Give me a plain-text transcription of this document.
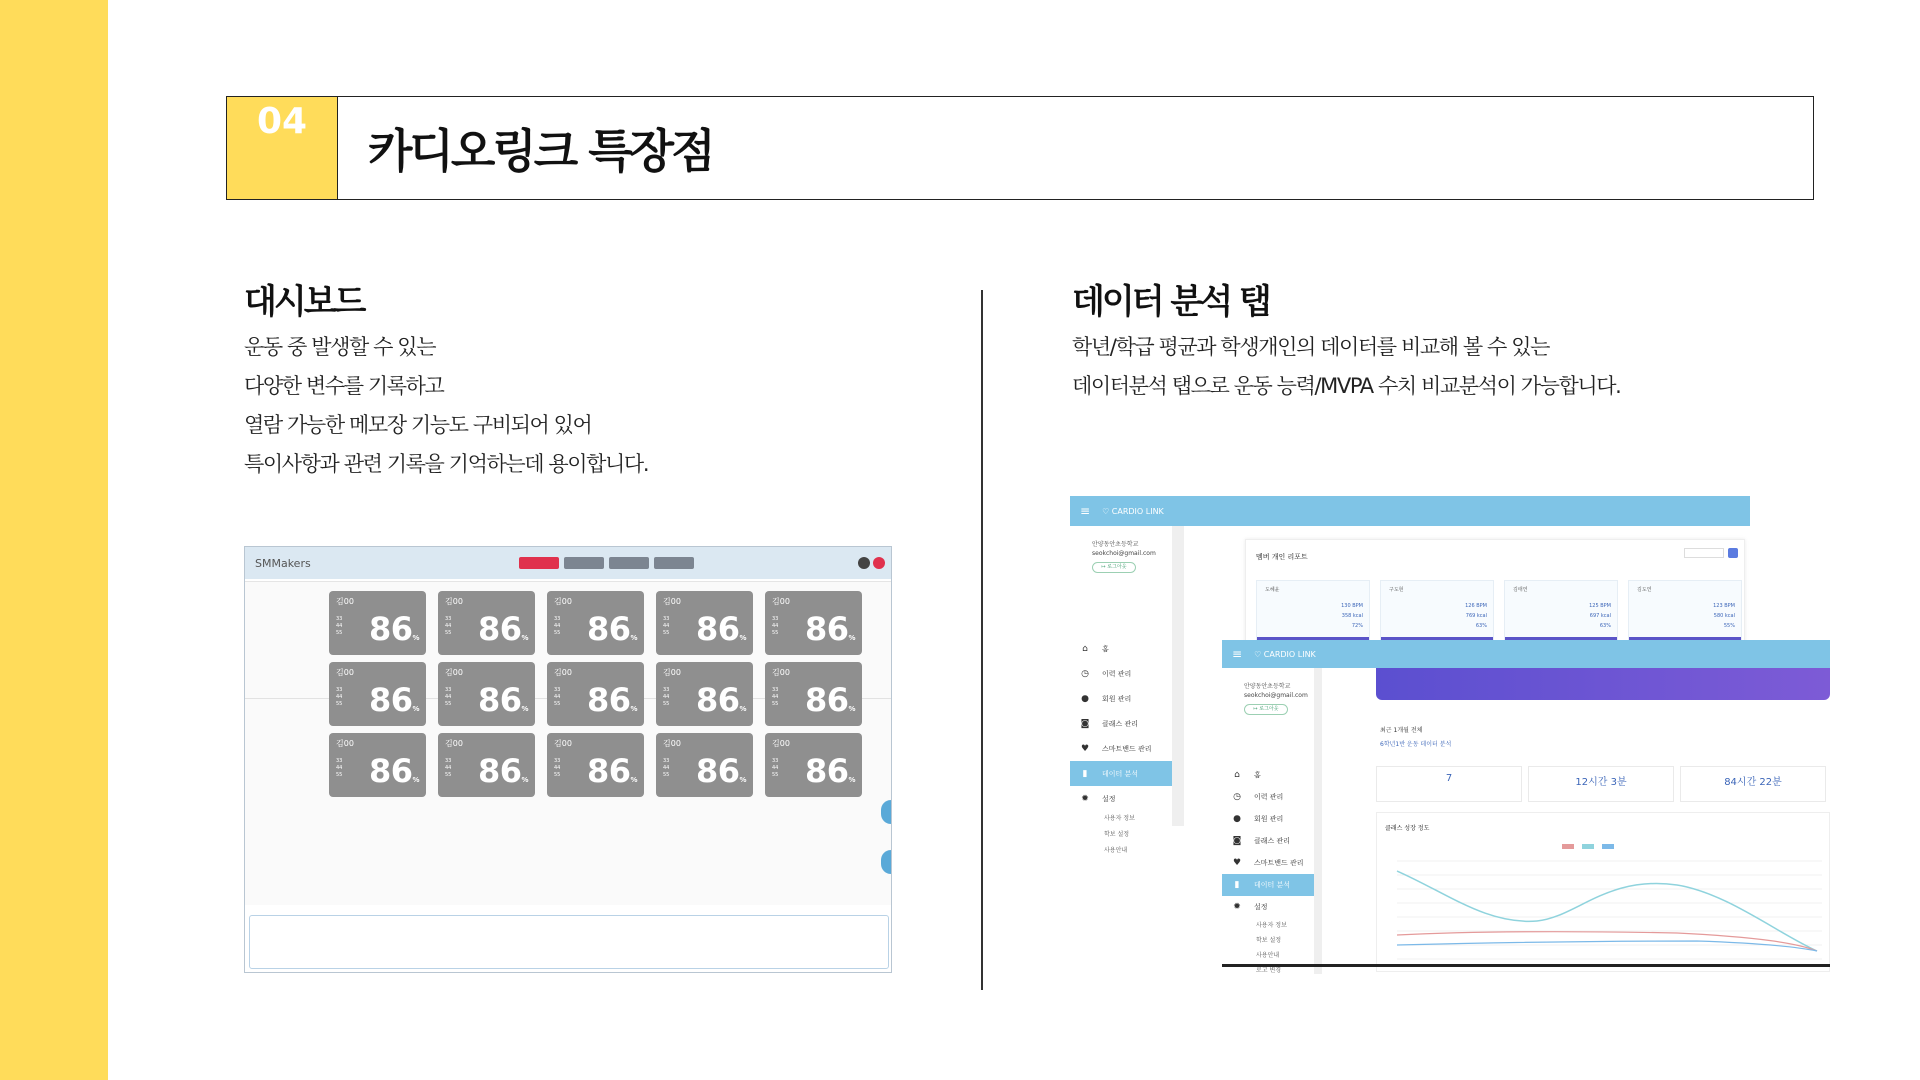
04
카디오링크 특장점
대시보드
운동 중 발생할 수 있는
다양한 변수를 기록하고
열람 가능한 메모장 기능도 구비되어 있어
특이사항과 관련 기록을 기억하는데 용이합니다.
데이터 분석 탭
학년/학급 평균과 학생개인의 데이터를 비교해 볼 수 있는
데이터분석 탭으로 운동 능력/MVPA 수치 비교분석이 가능합니다.
SMMakers
김00
33
44
55 86%
김00
33
44
55 86%
김00
33
44
55 86%
김00
33
44
55 86%
김00
33
44
55 86%
김00
33
44
55 86%
김00
33
44
55 86%
김00
33
44
55 86%
김00
33
44
55 86%
김00
33
44
55 86%
김00
33
44
55 86%
김00
33
44
55 86%
김00
33
44
55 86%
김00
33
44
55 86%
김00
33
44
55 86%
≡ ♡ CARDIO LINK
안양동안초등학교
seokchoi@gmail.com
↦ 로그아웃
⌂	홈
◷ 이력 관리
● 회원 관리
◙ 클래스 관리
♥ 스마트밴드 관리
▮	데이터 분석
✹ 설정
사용자 정보
학보 설정
사용안내
멤버 개인 리포트
도혜윤
130 BPM
358 kcal
72%
구도현
126 BPM
769 kcal
63%
김태연
125 BPM
697 kcal
63%
김도연
123 BPM
580 kcal
55%
≡ ♡ CARDIO LINK
안양동안초등학교
seokchoi@gmail.com
↦ 로그아웃
⌂	홈
◷ 이력 관리
● 회원 관리
◙ 클래스 관리
♥ 스마트밴드 관리
▮	데이터 분석
✹ 설정
사용자 정보
학보 설정
사용안내
로고 변경
최근 1개월 전체
6학년1반 운동 데이터 분석
7	12시간 3분	84시간 22분
클래스 성장 정도
